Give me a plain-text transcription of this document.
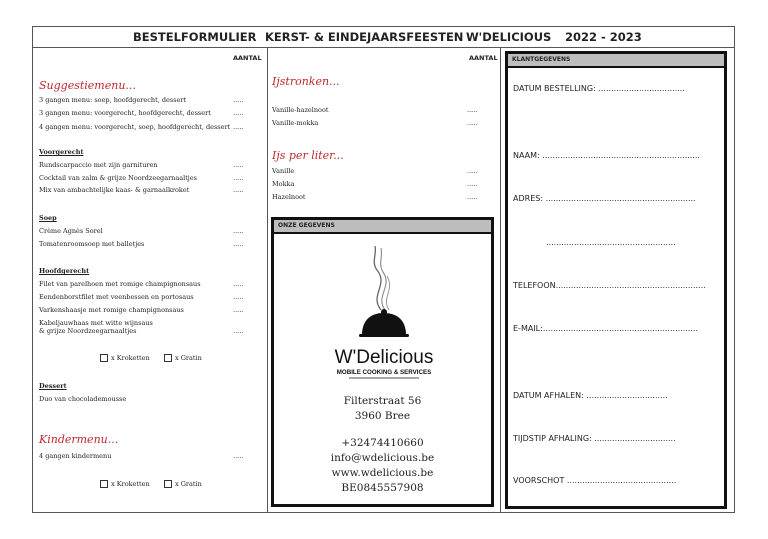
BESTELFORMULIER KERST- & EINDEJAARSFEESTEN W'DELICIOUS 2022 - 2023
AANTAL
Suggestiemenu...
3 gangen menu: soep, hoofdgerecht, dessert	.....
3 gangen menu: voorgerecht, hoofdgerecht, dessert	.....
4 gangen menu: voorgerecht, soep, hoofdgerecht, dessert .....
Voorgerecht
Rundscarpaccio met zijn garnituren	.....
Cocktail van zalm & grijze Noordzeegarnaaltjes	.....
Mix van ambachtelijke kaas- & garnaalkroket	.....
Soep
Crème Agnès Sorel	.....
Tomatenroomsoep met balletjes	.....
Hoofdgerecht
Filet van parelhoen met romige champignonsaus	.....
Eendenborstfilet met veenbessen en portosaus	.....
Varkenshaasje met romige champignonsaus	.....
Kabeljauwhaas met witte wijnsaus
& grijze Noordzeegarnaaltjes	.....
x Kroketten	x Gratin
Dessert
Duo van chocolademousse
Kindermenu...
4 gangen kindermenu	.....
x Kroketten	x Gratin
AANTAL
Ijstronken...
Vanille-hazelnoot	.....
Vanille-mokka	.....
Ijs per liter...
Vanille	.....
Mokka	.....
Hazelnoot	.....
ONZE GEGEVENS
W'Delicious
MOBILE COOKING & SERVICES
Filterstraat 56
3960 Bree
+32474410660
info@wdelicious.be
www.wdelicious.be
BE0845557908
KLANTGEGEVENS
DATUM BESTELLING: ..................................
NAAM: ..............................................................
ADRES: ...........................................................
...................................................
TELEFOON...........................................................
E-MAIL:.............................................................
DATUM AFHALEN: ................................
TIJDSTIP AFHALING: ................................
VOORSCHOT ...........................................
